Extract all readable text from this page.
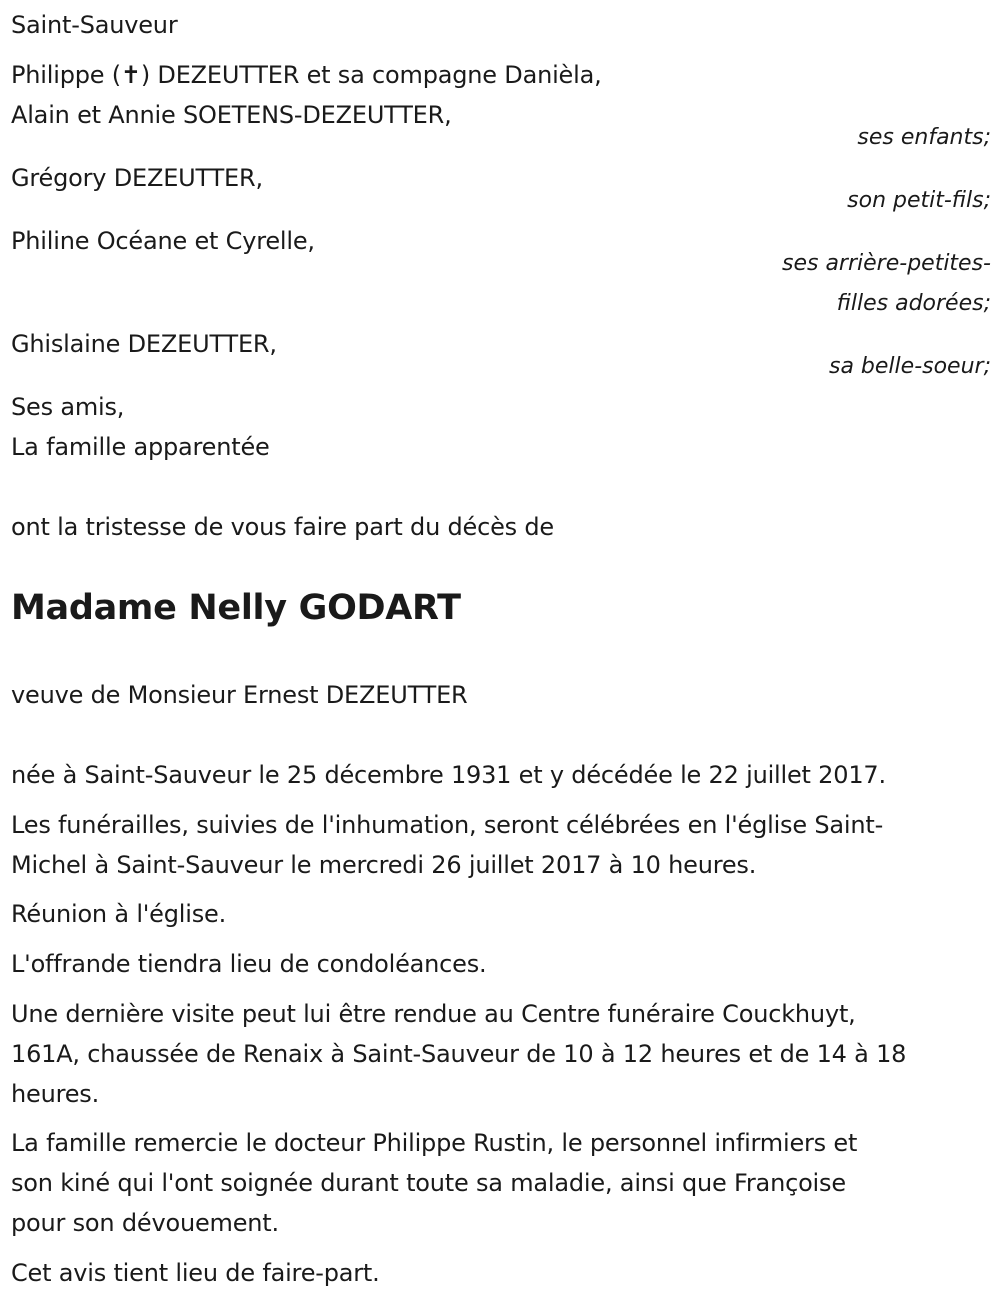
Saint-Sauveur
Philippe (✝) DEZEUTTER et sa compagne Danièla,
Alain et Annie SOETENS-DEZEUTTER,
ses enfants;
Grégory DEZEUTTER,
son petit-fils;
Philine Océane et Cyrelle,
ses arrière-petites-
filles adorées;
Ghislaine DEZEUTTER,
sa belle-soeur;
Ses amis,
La famille apparentée
ont la tristesse de vous faire part du décès de
Madame Nelly GODART
veuve de Monsieur Ernest DEZEUTTER
née à Saint-Sauveur le 25 décembre 1931 et y décédée le 22 juillet 2017.
Les funérailles, suivies de l'inhumation, seront célébrées en l'église Saint-
Michel à Saint-Sauveur le mercredi 26 juillet 2017 à 10 heures.
Réunion à l'église.
L'offrande tiendra lieu de condoléances.
Une dernière visite peut lui être rendue au Centre funéraire Couckhuyt,
161A, chaussée de Renaix à Saint-Sauveur de 10 à 12 heures et de 14 à 18
heures.
La famille remercie le docteur Philippe Rustin, le personnel infirmiers et
son kiné qui l'ont soignée durant toute sa maladie, ainsi que Françoise
pour son dévouement.
Cet avis tient lieu de faire-part.
